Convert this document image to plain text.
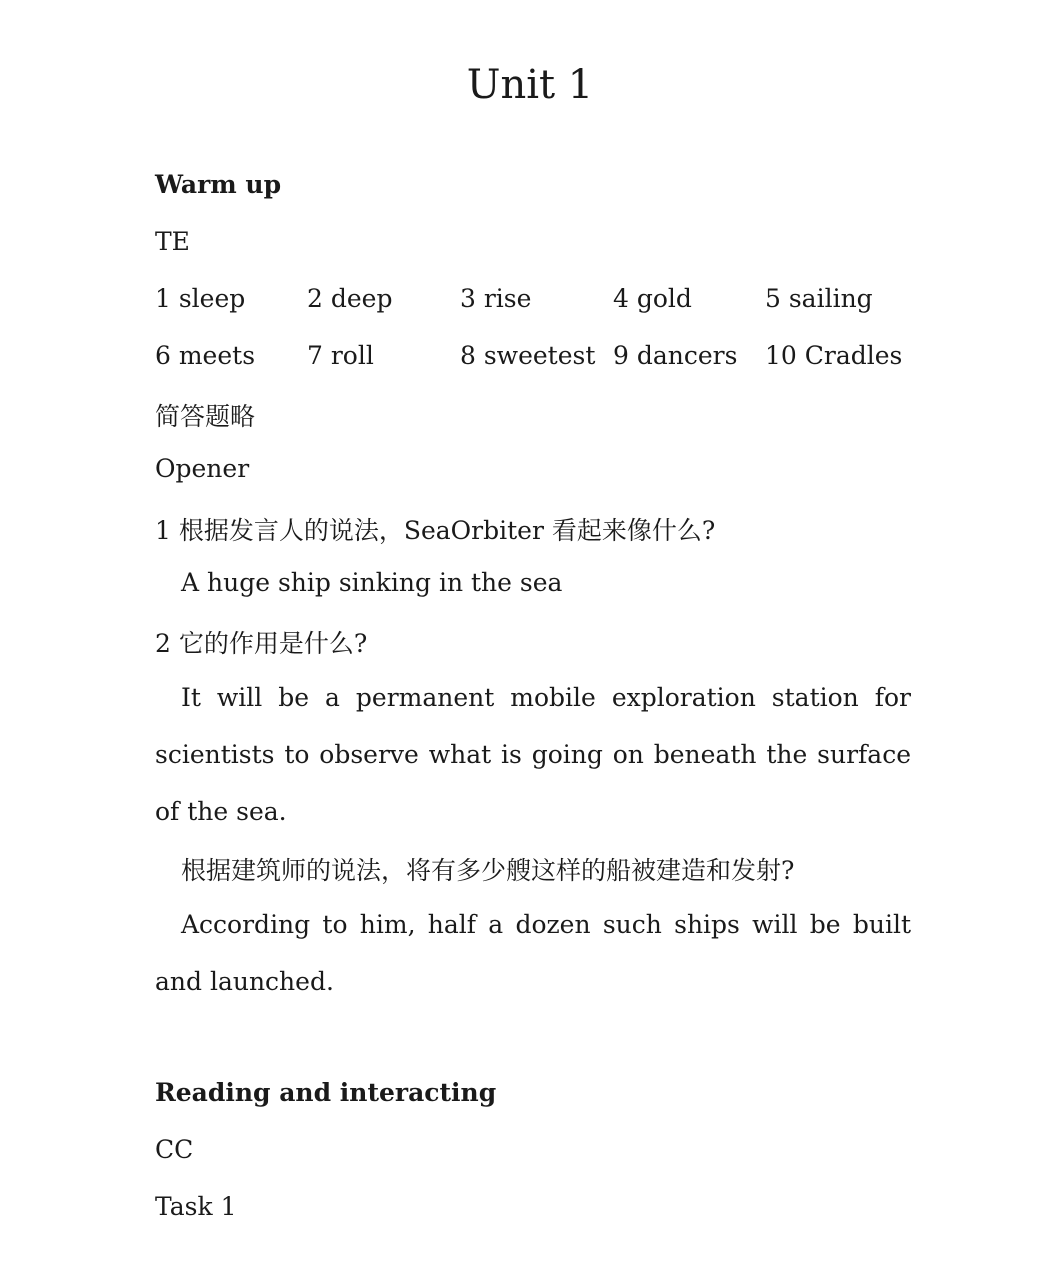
Unit 1
Warm up
TE
1 sleep 2 deep	3 rise	4 gold	5 sailing
6 meets 7 roll	8 sweetest 9 dancers 10 Cradles
简答题略
Opener
1 根据发言人的说法，SeaOrbiter 看起来像什么?
A huge ship sinking in the sea
2 它的作用是什么?
It will be a permanent mobile exploration station for scientists to observe what is going on beneath the surface of the sea.
根据建筑师的说法，将有多少艘这样的船被建造和发射?
According to him, half a dozen such ships will be built and launched.
Reading and interacting
CC
Task 1
